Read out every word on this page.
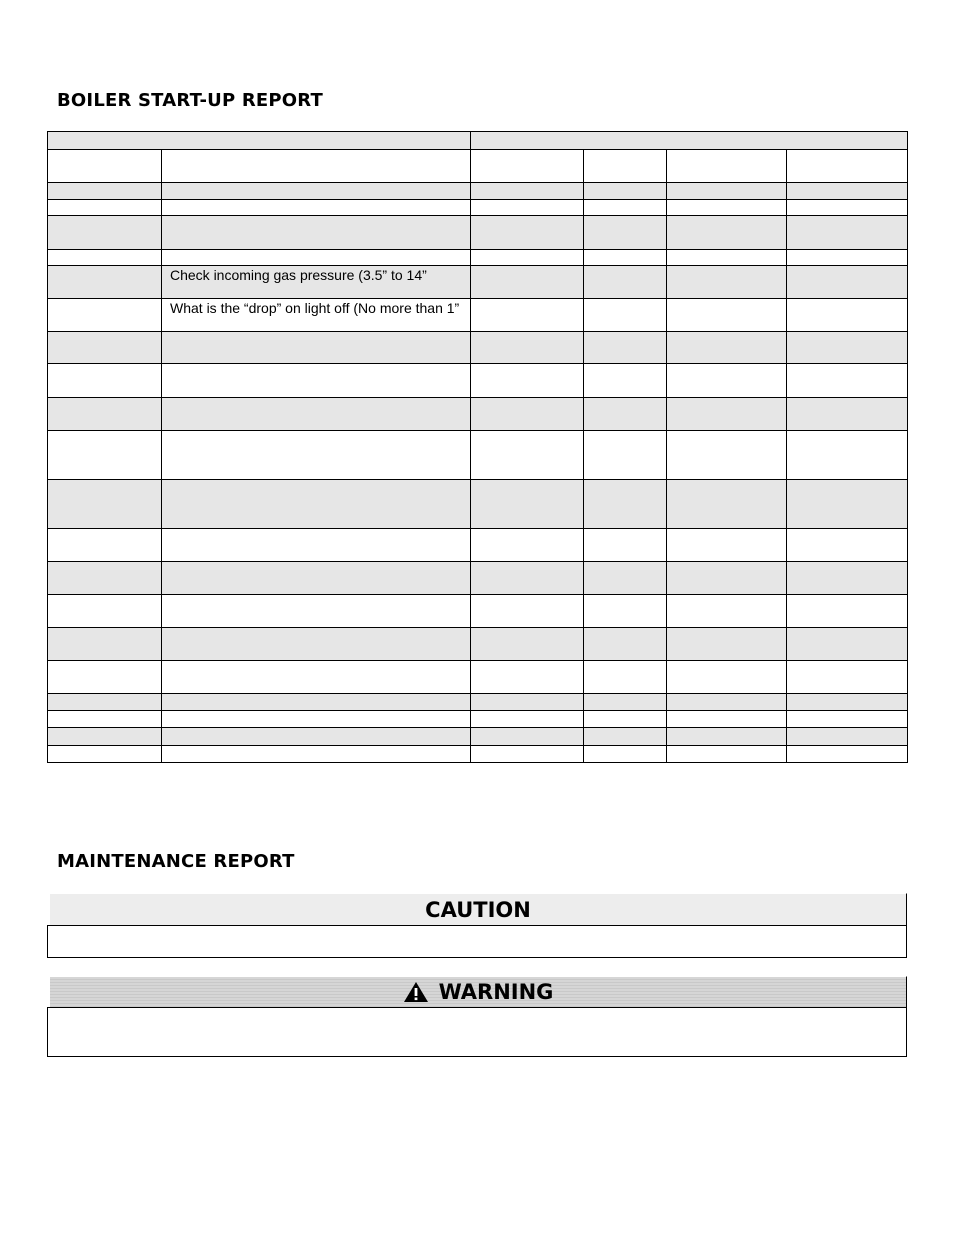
BOILER START-UP REPORT

	Check incoming gas pressure (3.5” to 14”				

	What is the “drop” on light off (No more than 1”				

MAINTENANCE REPORT
CAUTION
WARNING
